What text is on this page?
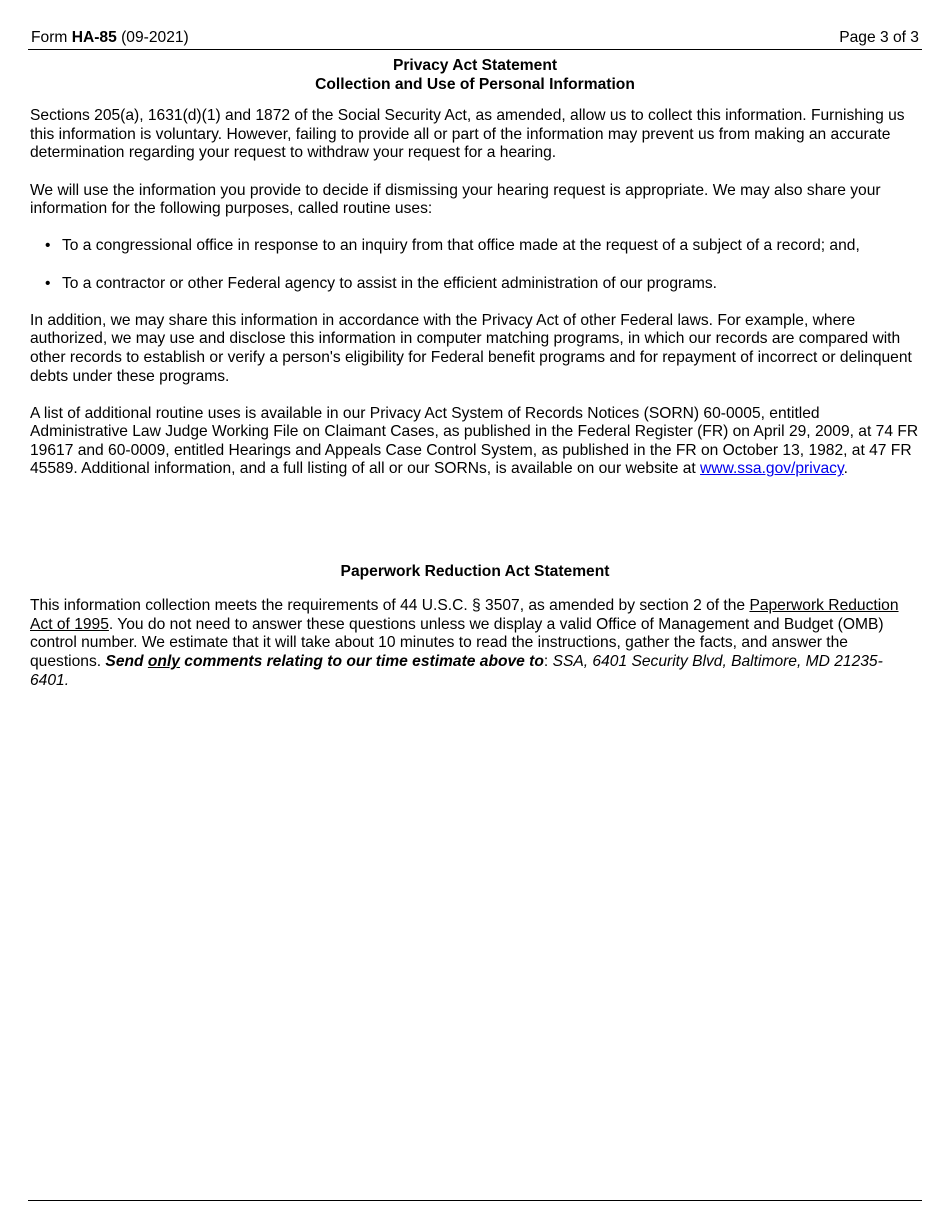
Form HA-85 (09-2021)	Page 3 of 3
Privacy Act Statement
Collection and Use of Personal Information

Sections 205(a), 1631(d)(1) and 1872 of the Social Security Act, as amended, allow us to collect this information. Furnishing us this information is voluntary. However, failing to provide all or part of the information may prevent us from making an accurate determination regarding your request to withdraw your request for a hearing.

We will use the information you provide to decide if dismissing your hearing request is appropriate. We may also share your information for the following purposes, called routine uses:

• To a congressional office in response to an inquiry from that office made at the request of a subject of a record; and,
• To a contractor or other Federal agency to assist in the efficient administration of our programs.

In addition, we may share this information in accordance with the Privacy Act of other Federal laws. For example, where authorized, we may use and disclose this information in computer matching programs, in which our records are compared with other records to establish or verify a person's eligibility for Federal benefit programs and for repayment of incorrect or delinquent debts under these programs.

A list of additional routine uses is available in our Privacy Act System of Records Notices (SORN) 60-0005, entitled Administrative Law Judge Working File on Claimant Cases, as published in the Federal Register (FR) on April 29, 2009, at 74 FR 19617 and 60-0009, entitled Hearings and Appeals Case Control System, as published in the FR on October 13, 1982, at 47 FR 45589. Additional information, and a full listing of all or our SORNs, is available on our website at www.ssa.gov/privacy.

Paperwork Reduction Act Statement

This information collection meets the requirements of 44 U.S.C. § 3507, as amended by section 2 of the Paperwork Reduction Act of 1995. You do not need to answer these questions unless we display a valid Office of Management and Budget (OMB) control number. We estimate that it will take about 10 minutes to read the instructions, gather the facts, and answer the questions. Send only comments relating to our time estimate above to: SSA, 6401 Security Blvd, Baltimore, MD 21235-6401.
